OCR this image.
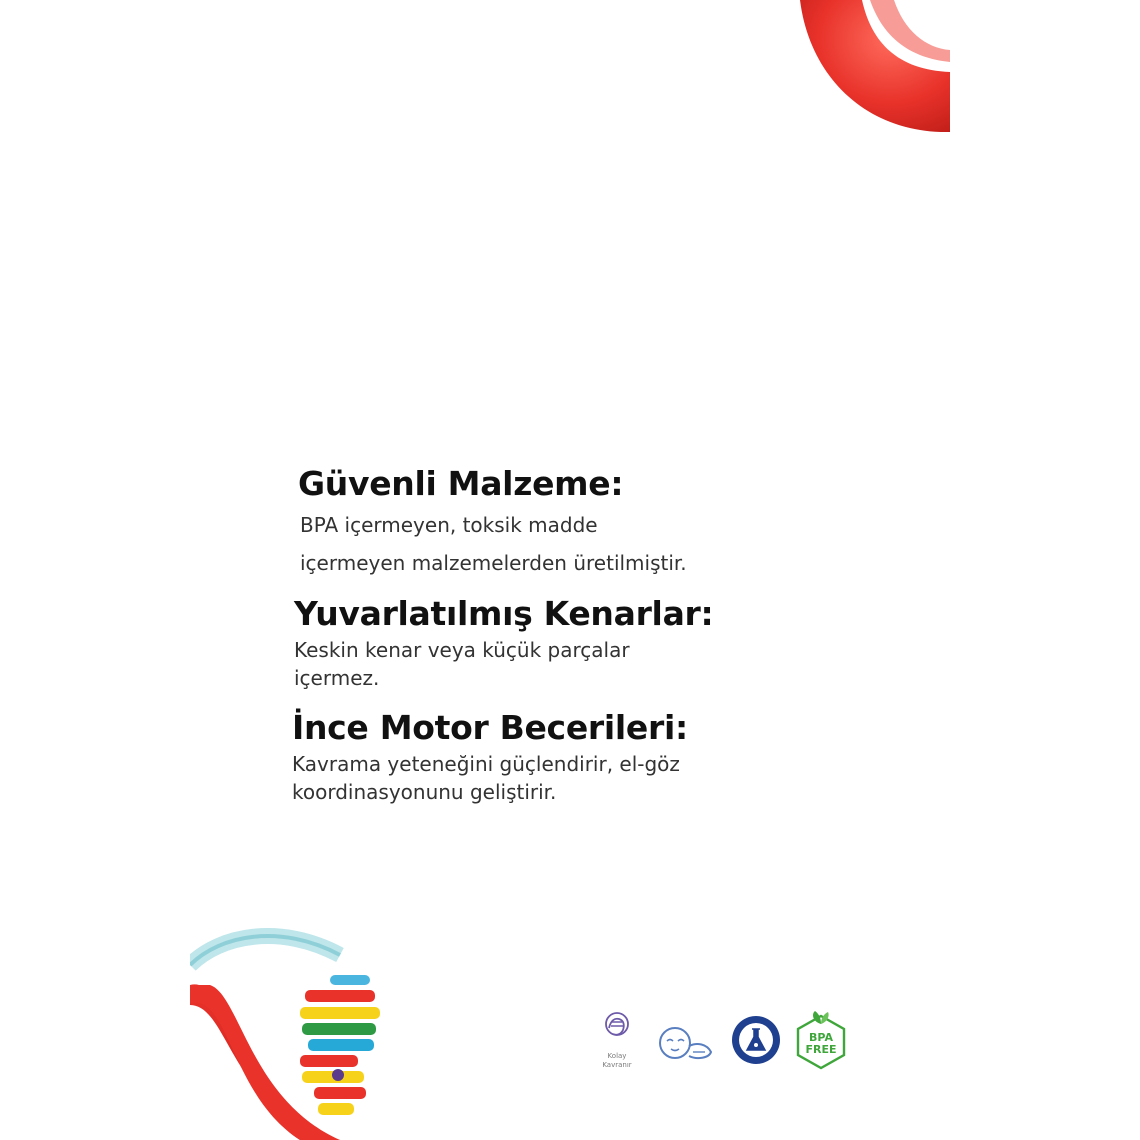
Güvenli Malzeme:

BPA içermeyen, toksik madde

içermeyen malzemelerden üretilmiştir.

Yuvarlatılmış Kenarlar:

Keskin kenar veya küçük parçalar

içermez.

İnce Motor Becerileri:

Kavrama yeteneğini güçlendirir, el-göz

koordinasyonunu geliştirir.

Kolay
Kavranır
BPA
FREE
